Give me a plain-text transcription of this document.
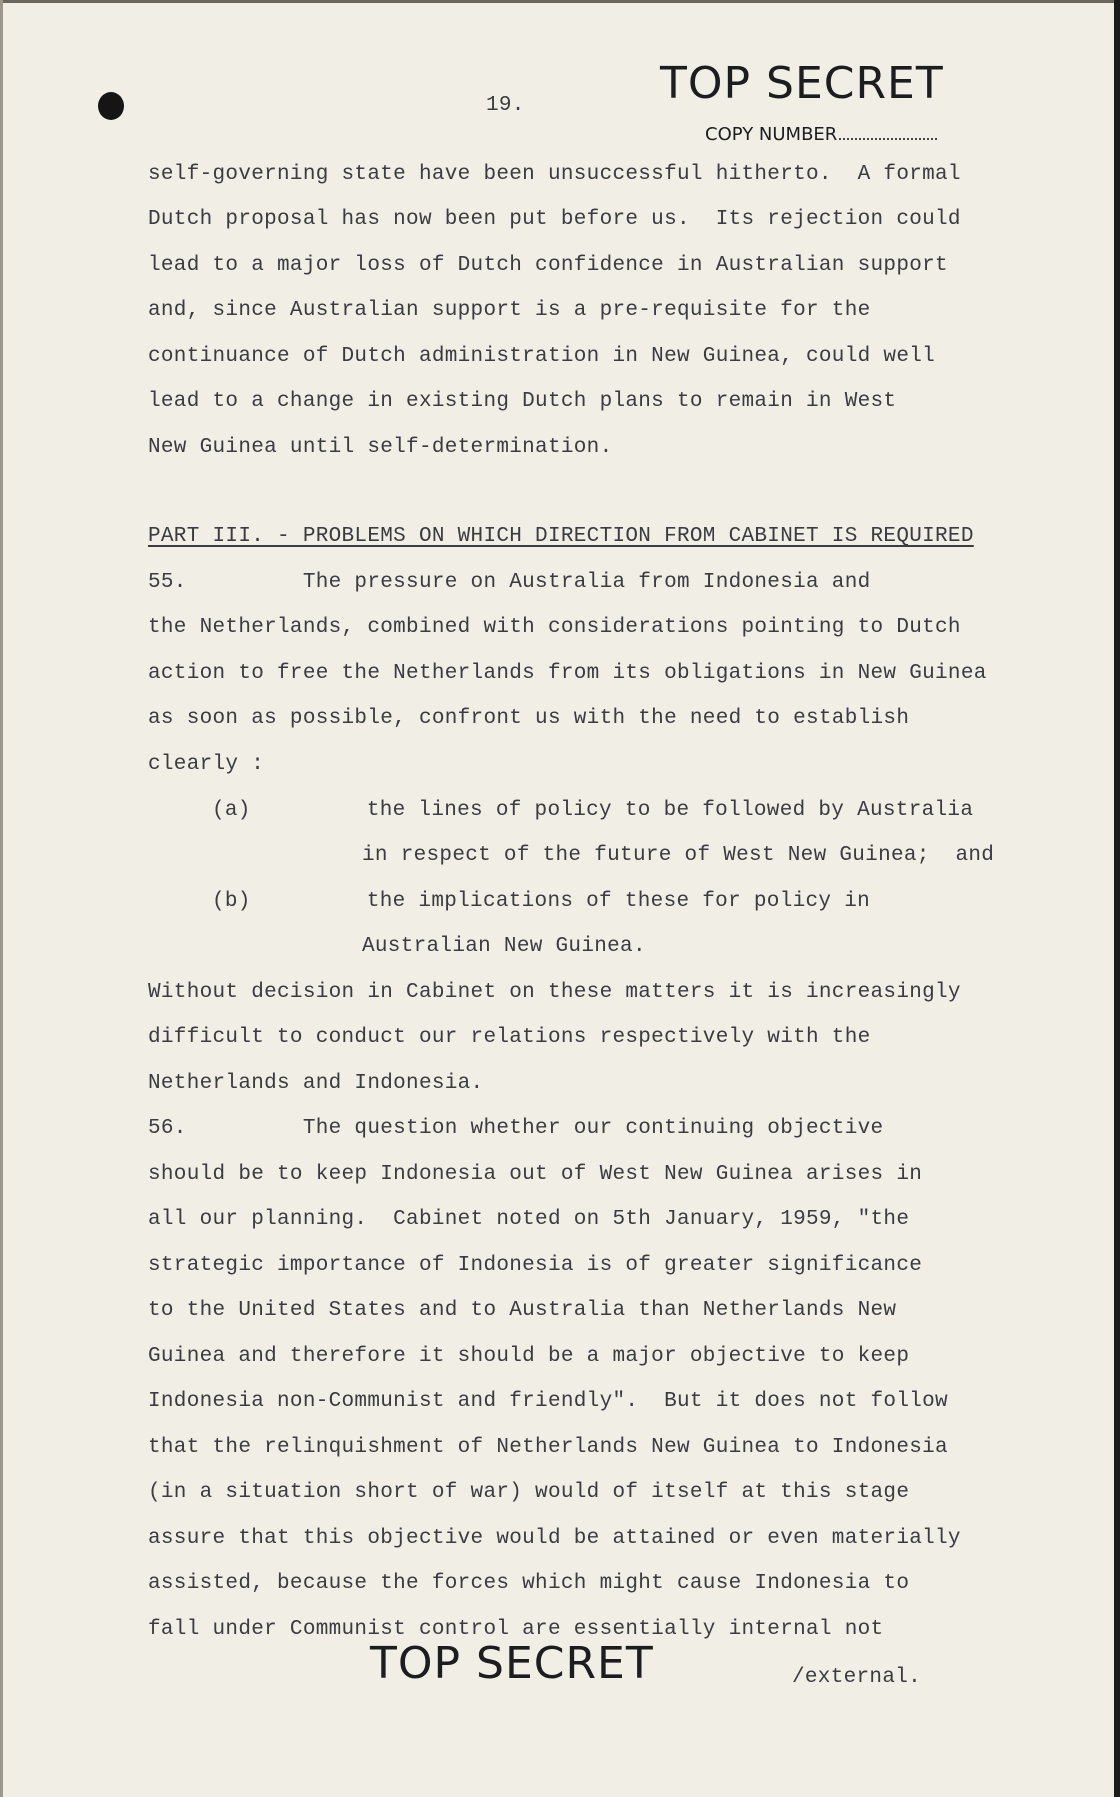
19.	TOP SECRET
COPY NUMBER
self-governing state have been unsuccessful hitherto.  A formal
Dutch proposal has now been put before us.  Its rejection could
lead to a major loss of Dutch confidence in Australian support
and, since Australian support is a pre-requisite for the
continuance of Dutch administration in New Guinea, could well
lead to a change in existing Dutch plans to remain in West
New Guinea until self-determination.
PART III. - PROBLEMS ON WHICH DIRECTION FROM CABINET IS REQUIRED
55.         The pressure on Australia from Indonesia and
the Netherlands, combined with considerations pointing to Dutch
action to free the Netherlands from its obligations in New Guinea
as soon as possible, confront us with the need to establish
clearly :
(a)         the lines of policy to be followed by Australia
in respect of the future of West New Guinea;  and
(b)         the implications of these for policy in
Australian New Guinea.
Without decision in Cabinet on these matters it is increasingly
difficult to conduct our relations respectively with the
Netherlands and Indonesia.
56.         The question whether our continuing objective
should be to keep Indonesia out of West New Guinea arises in
all our planning.  Cabinet noted on 5th January, 1959, "the
strategic importance of Indonesia is of greater significance
to the United States and to Australia than Netherlands New
Guinea and therefore it should be a major objective to keep
Indonesia non-Communist and friendly".  But it does not follow
that the relinquishment of Netherlands New Guinea to Indonesia
(in a situation short of war) would of itself at this stage
assure that this objective would be attained or even materially
assisted, because the forces which might cause Indonesia to
fall under Communist control are essentially internal not
TOP SECRET	/external.
